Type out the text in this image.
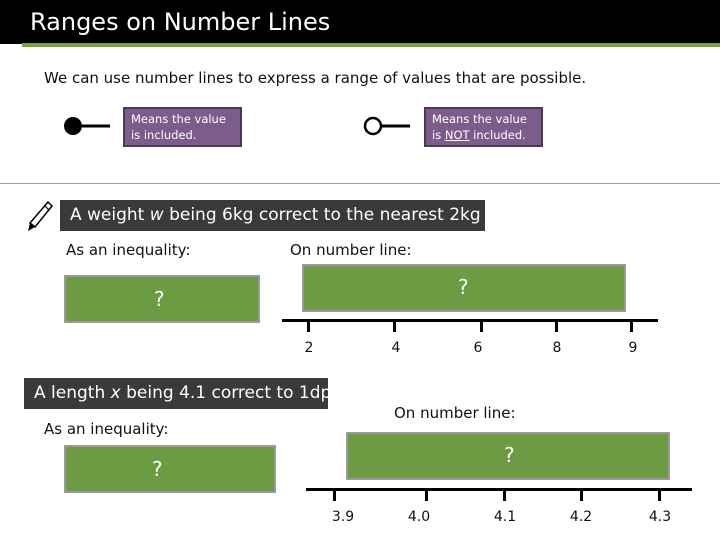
Ranges on Number Lines
We can use number lines to express a range of values that are possible.
Means the value
is included.
Means the value
is NOT included.
A weight w being 6kg correct to the nearest 2kg
As an inequality:	On number line:
?	?
2	4	6	8	9
A length x being 4.1 correct to 1dp
On number line:
As an inequality:
?
?
3.9	4.0	4.1	4.2	4.3
